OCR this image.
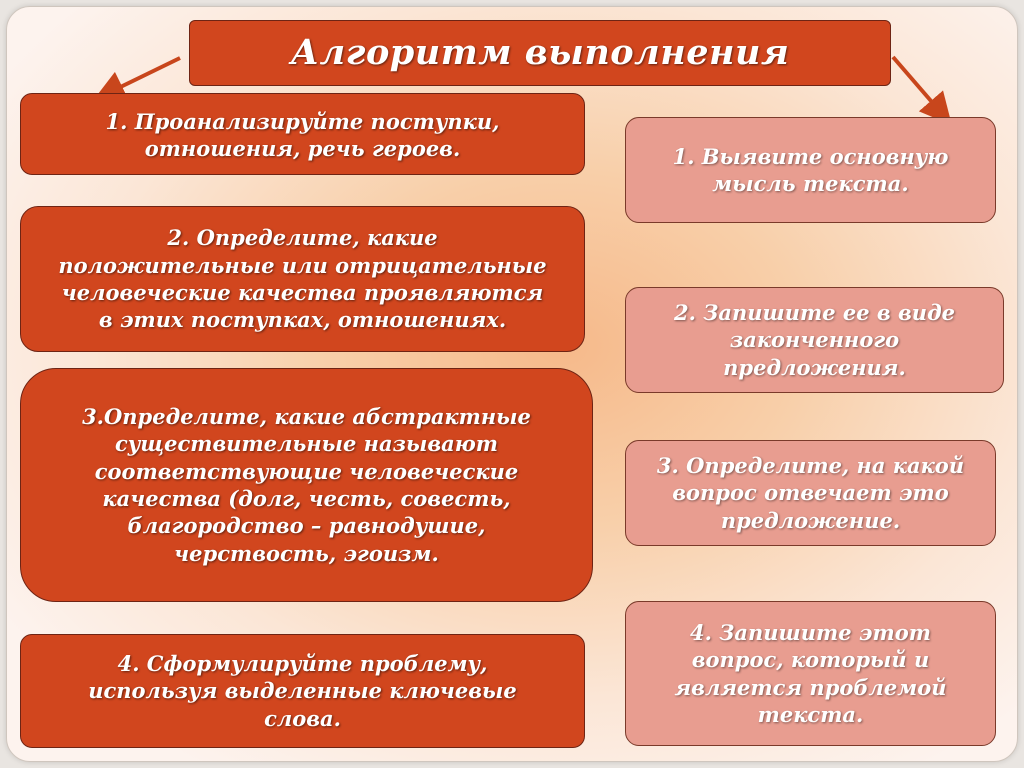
Алгоритм выполнения
1. Проанализируйте поступки,
отношения, речь героев.
2. Определите, какие
положительные или отрицательные
человеческие качества проявляются
в этих поступках, отношениях.
3.Определите, какие абстрактные
существительные называют
соответствующие человеческие
качества (долг, честь, совесть,
благородство – равнодушие,
черствость, эгоизм.
4. Сформулируйте проблему,
используя выделенные ключевые
слова.
1. Выявите основную
мысль текста.
2. Запишите ее в виде
законченного
предложения.
3. Определите, на какой
вопрос отвечает это
предложение.
4. Запишите этот
вопрос, который и
является проблемой
текста.
